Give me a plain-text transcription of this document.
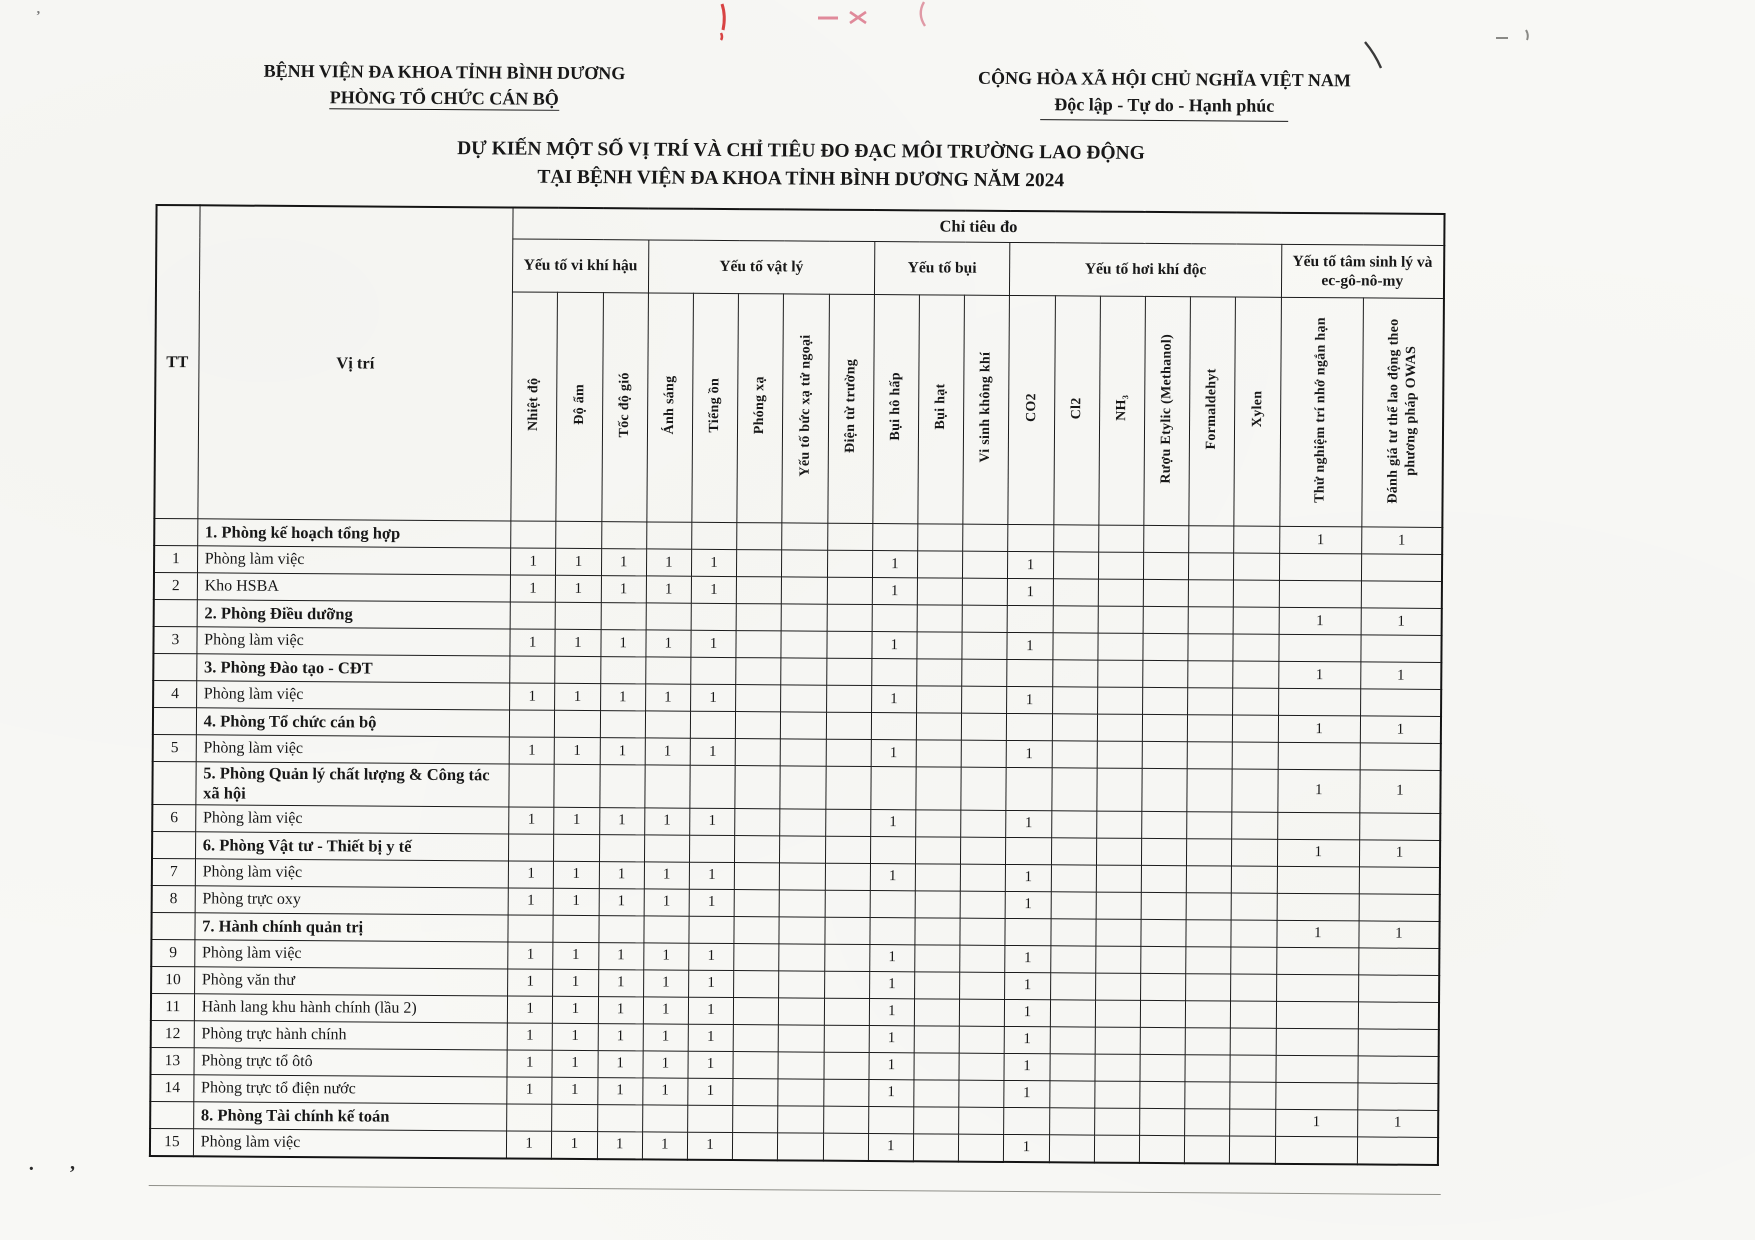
BỆNH VIỆN ĐA KHOA TỈNH BÌNH DƯƠNG
PHÒNG TỔ CHỨC CÁN BỘ
CỘNG HÒA XÃ HỘI CHỦ NGHĨA VIỆT NAM
Độc lập - Tự do - Hạnh phúc
DỰ KIẾN MỘT SỐ VỊ TRÍ VÀ CHỈ TIÊU ĐO ĐẠC MÔI TRƯỜNG LAO ĐỘNG
TẠI BỆNH VIỆN ĐA KHOA TỈNH BÌNH DƯƠNG NĂM 2024
TT	Vị trí	Chỉ tiêu đo																		
		Yếu tố vi khí hậu			Yếu tố vật lý					Yếu tố bụi			Yếu tố hơi khí độc						Yếu tố tâm sinh lý và ec-gô-nô-my	
		Nhiệt độ	Độ ẩm	Tốc độ gió	Ánh sáng	Tiếng ồn	Phóng xạ	Yếu tố bức xạ tử ngoại	Điện từ trường	Bụi hô hấp	Bụi hạt	Vi sinh không khí	CO2	Cl2	NH₃	Rượu Etylic (Methanol)	Formaldehyt	Xylen	Thử nghiệm trí nhớ ngắn hạn	Đánh giá tư thế lao động theo phương pháp OWAS
	1. Phòng kế hoạch tổng hợp																		1	1
1	Phòng làm việc	1	1	1	1	1				1			1							
2	Kho HSBA	1	1	1	1	1				1			1							
	2. Phòng Điều dưỡng																		1	1
3	Phòng làm việc	1	1	1	1	1				1			1							
	3. Phòng Đào tạo - CĐT																		1	1
4	Phòng làm việc	1	1	1	1	1				1			1							
	4. Phòng Tổ chức cán bộ																		1	1
5	Phòng làm việc	1	1	1	1	1				1			1							
	5. Phòng Quản lý chất lượng & Công tác xã hội																		1	1
6	Phòng làm việc	1	1	1	1	1				1			1							
	6. Phòng Vật tư - Thiết bị y tế																		1	1
7	Phòng làm việc	1	1	1	1	1				1			1							
8	Phòng trực oxy	1	1	1	1	1							1							
	7. Hành chính quản trị																		1	1
9	Phòng làm việc	1	1	1	1	1				1			1							
10	Phòng văn thư	1	1	1	1	1				1			1							
11	Hành lang khu hành chính (lầu 2)	1	1	1	1	1				1			1							
12	Phòng trực hành chính	1	1	1	1	1				1			1							
13	Phòng trực tổ ôtô	1	1	1	1	1				1			1							
14	Phòng trực tổ điện nước	1	1	1	1	1				1			1							
	8. Phòng Tài chính kế toán																		1	1
15	Phòng làm việc	1	1	1	1	1				1			1							
· ,
‚
